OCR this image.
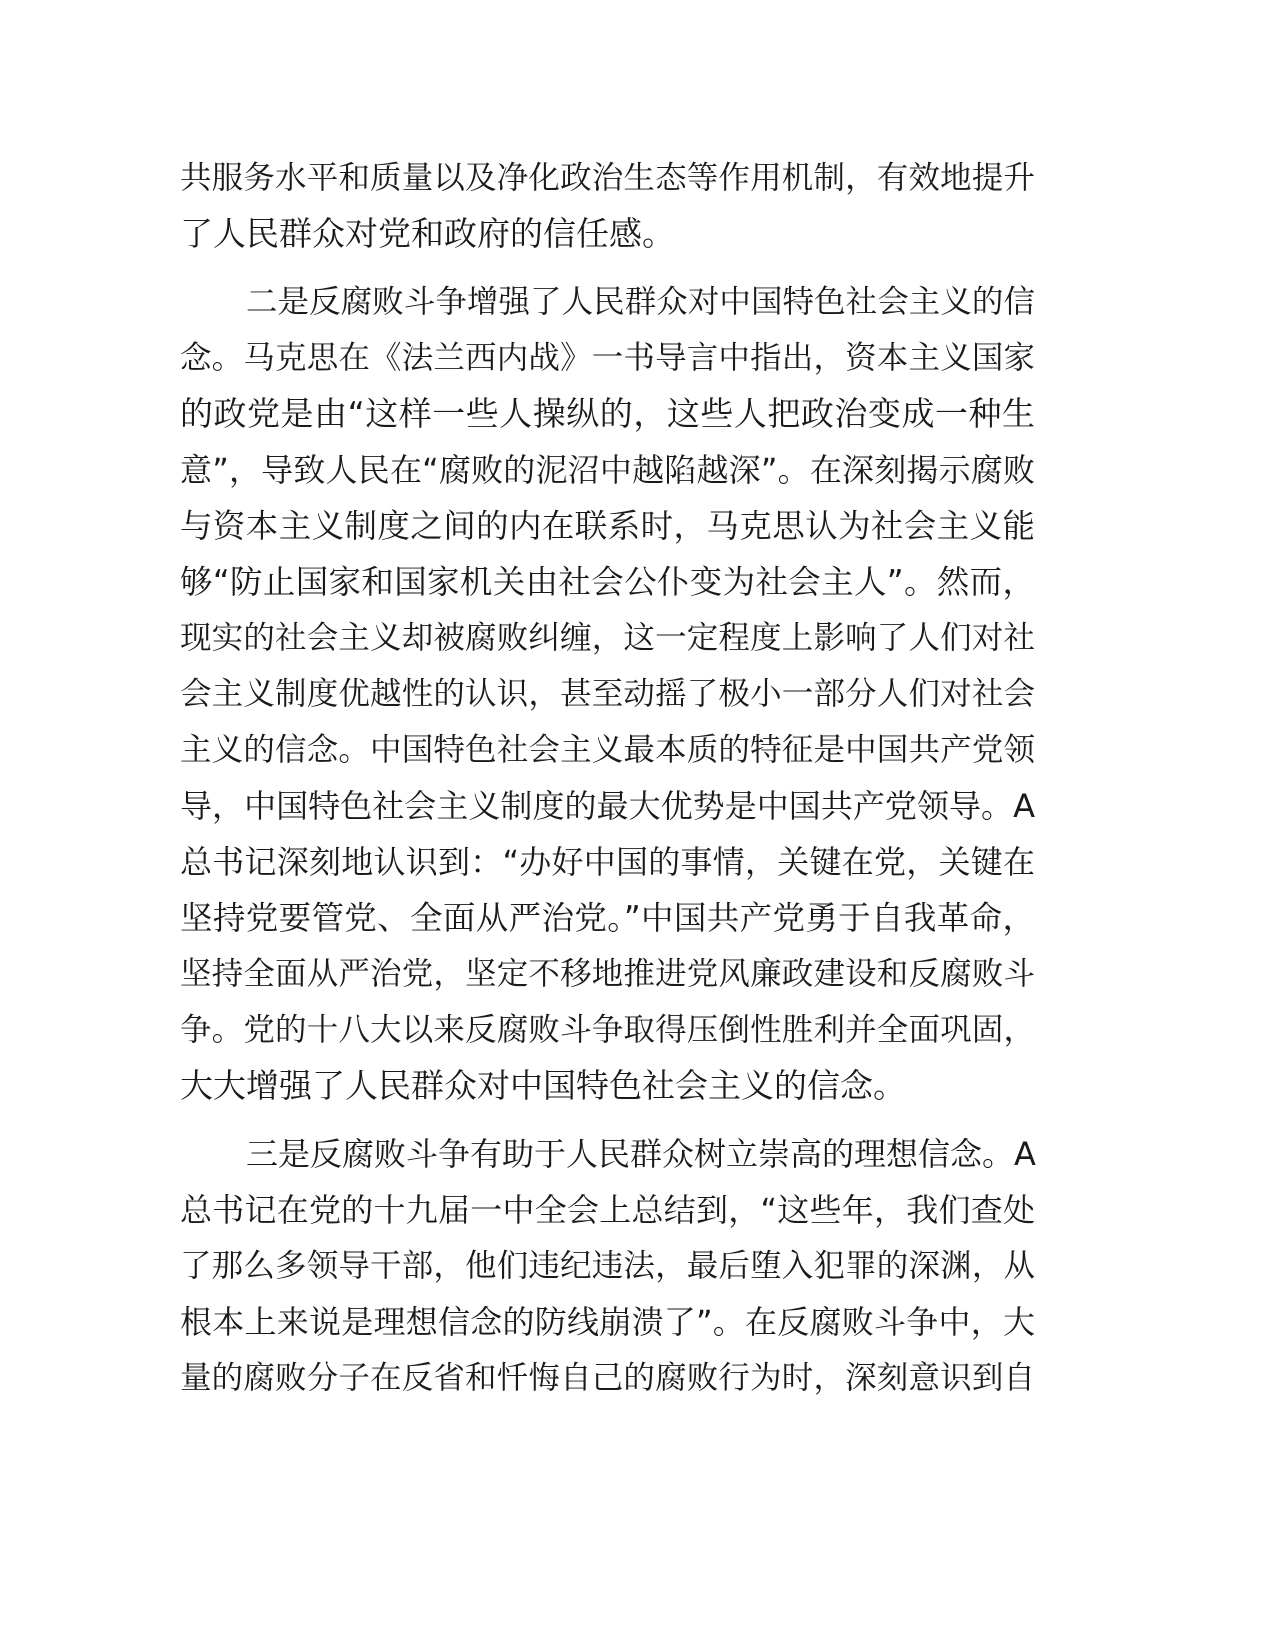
共服务水平和质量以及净化政治生态等作用机制，有效地提升
了人民群众对党和政府的信任感。

二是反腐败斗争增强了人民群众对中国特色社会主义的信
念。马克思在《法兰西内战》一书导言中指出，资本主义国家
的政党是由“这样一些人操纵的，这些人把政治变成一种生
意”，导致人民在“腐败的泥沼中越陷越深”。在深刻揭示腐败
与资本主义制度之间的内在联系时，马克思认为社会主义能
够“防止国家和国家机关由社会公仆变为社会主人”。然而，
现实的社会主义却被腐败纠缠，这一定程度上影响了人们对社
会主义制度优越性的认识，甚至动摇了极小一部分人们对社会
主义的信念。中国特色社会主义最本质的特征是中国共产党领
导，中国特色社会主义制度的最大优势是中国共产党领导。A
总书记深刻地认识到：“办好中国的事情，关键在党，关键在
坚持党要管党、全面从严治党。”中国共产党勇于自我革命，
坚持全面从严治党，坚定不移地推进党风廉政建设和反腐败斗
争。党的十八大以来反腐败斗争取得压倒性胜利并全面巩固，
大大增强了人民群众对中国特色社会主义的信念。

三是反腐败斗争有助于人民群众树立崇高的理想信念。A
总书记在党的十九届一中全会上总结到，“这些年，我们查处
了那么多领导干部，他们违纪违法，最后堕入犯罪的深渊，从
根本上来说是理想信念的防线崩溃了”。在反腐败斗争中，大
量的腐败分子在反省和忏悔自己的腐败行为时，深刻意识到自
